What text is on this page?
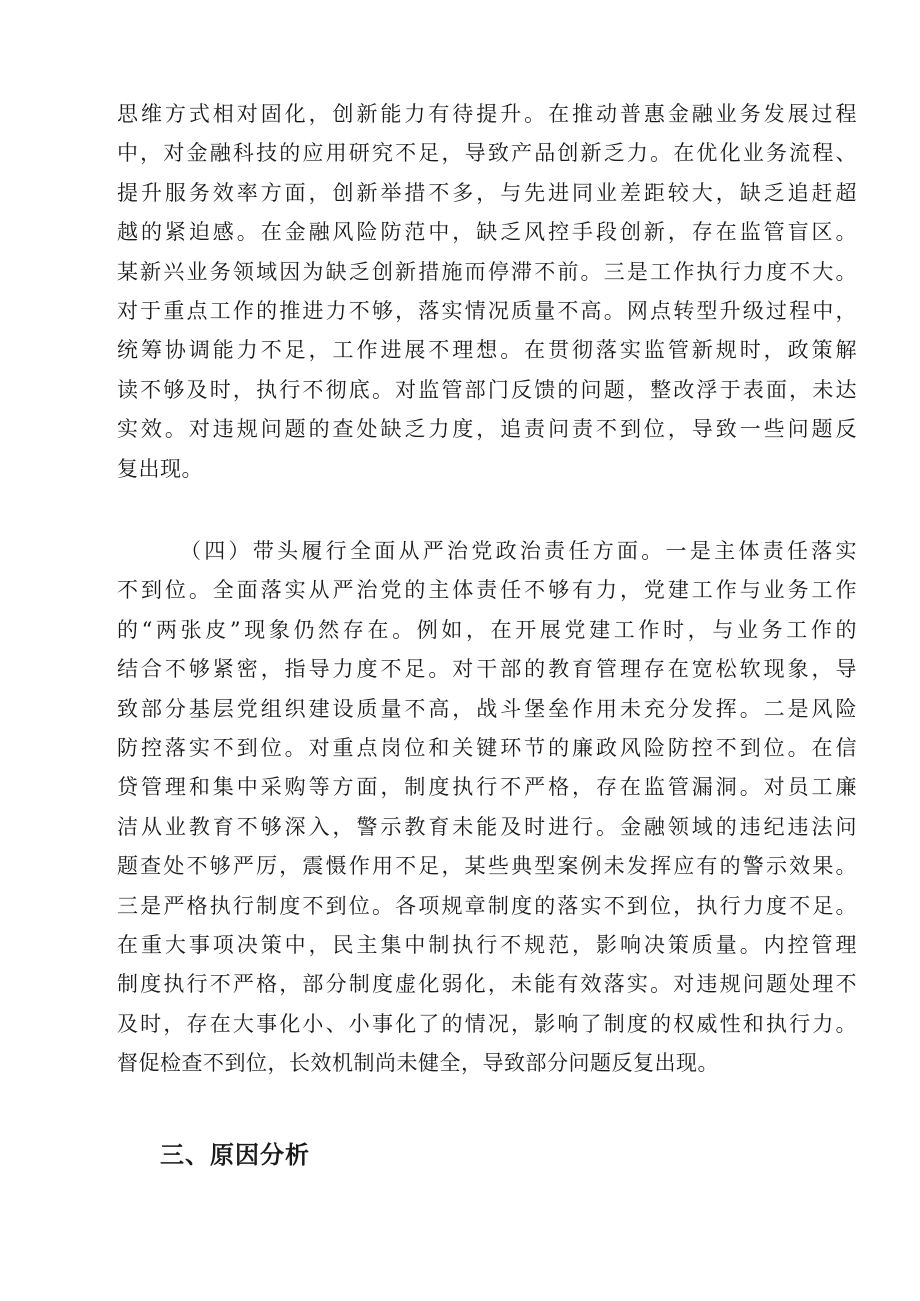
思维方式相对固化，创新能力有待提升。在推动普惠金融业务发展过程
中，对金融科技的应用研究不足，导致产品创新乏力。在优化业务流程、
提升服务效率方面，创新举措不多，与先进同业差距较大，缺乏追赶超
越的紧迫感。在金融风险防范中，缺乏风控手段创新，存在监管盲区。
某新兴业务领域因为缺乏创新措施而停滞不前。三是工作执行力度不大。
对于重点工作的推进力不够，落实情况质量不高。网点转型升级过程中，
统筹协调能力不足，工作进展不理想。在贯彻落实监管新规时，政策解
读不够及时，执行不彻底。对监管部门反馈的问题，整改浮于表面，未达
实效。对违规问题的查处缺乏力度，追责问责不到位，导致一些问题反
复出现。
（四）带头履行全面从严治党政治责任方面。一是主体责任落实
不到位。全面落实从严治党的主体责任不够有力，党建工作与业务工作
的“两张皮”现象仍然存在。例如，在开展党建工作时，与业务工作的
结合不够紧密，指导力度不足。对干部的教育管理存在宽松软现象，导
致部分基层党组织建设质量不高，战斗堡垒作用未充分发挥。二是风险
防控落实不到位。对重点岗位和关键环节的廉政风险防控不到位。在信
贷管理和集中采购等方面，制度执行不严格，存在监管漏洞。对员工廉
洁从业教育不够深入，警示教育未能及时进行。金融领域的违纪违法问
题查处不够严厉，震慑作用不足，某些典型案例未发挥应有的警示效果。
三是严格执行制度不到位。各项规章制度的落实不到位，执行力度不足。
在重大事项决策中，民主集中制执行不规范，影响决策质量。内控管理
制度执行不严格，部分制度虚化弱化，未能有效落实。对违规问题处理不
及时，存在大事化小、小事化了的情况，影响了制度的权威性和执行力。
督促检查不到位，长效机制尚未健全，导致部分问题反复出现。
三、原因分析
